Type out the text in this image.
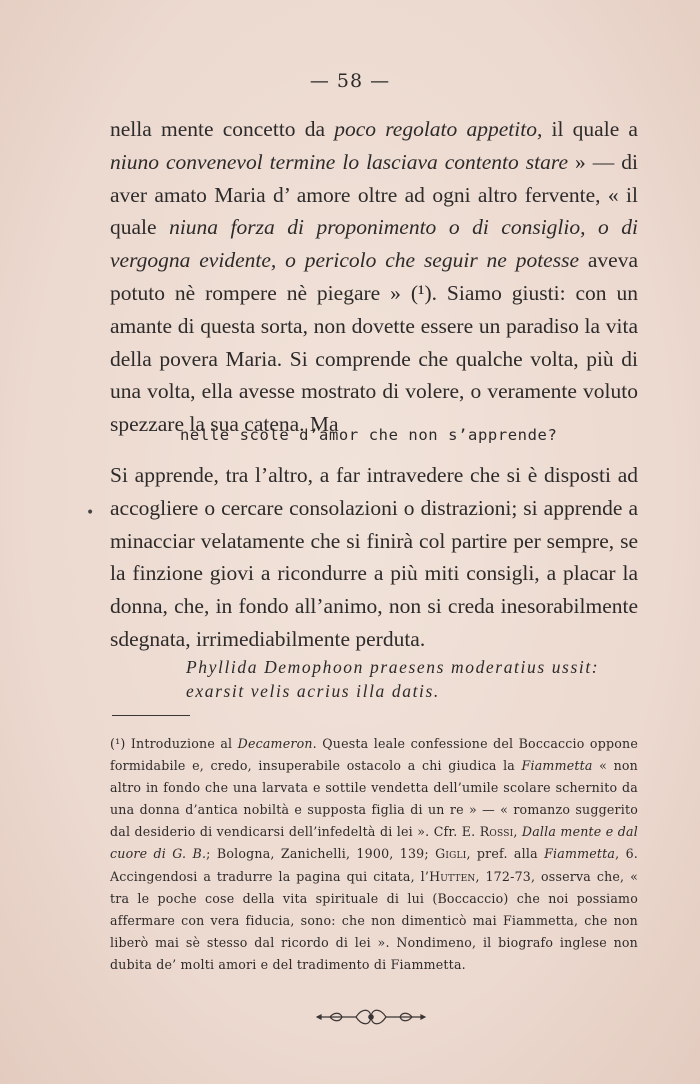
— 58 —

nella mente concetto da poco regolato appetito, il quale a niuno convenevol termine lo lasciava contento stare » — di aver amato Maria d’ amore oltre ad ogni altro fervente, « il quale niuna forza di proponimento o di consiglio, o di vergogna evidente, o pericolo che seguir ne potesse aveva potuto nè rompere nè piegare » (¹). Siamo giusti: con un amante di questa sorta, non dovette essere un paradiso la vita della povera Maria. Si comprende che qualche volta, più di una volta, ella avesse mostrato di volere, o veramente voluto spezzare la sua catena. Ma

nelle scole d’amor che non s’apprende?

Si apprende, tra l’altro, a far intravedere che si è disposti ad accogliere o cercare consolazioni o distrazioni; si apprende a minacciar velatamente che si finirà col partire per sempre, se la finzione giovi a ricondurre a più miti consigli, a placar la donna, che, in fondo all’animo, non si creda inesorabilmente sdegnata, irrimediabilmente perduta.

Phyllida Demophoon praesens moderatius ussit:
exarsit velis acrius illa datis.
(¹) Introduzione al Decameron. Questa leale confessione del Boccaccio oppone formidabile e, credo, insuperabile ostacolo a chi giudica la Fiammetta « non altro in fondo che una larvata e sottile vendetta dell’umile scolare schernito da una donna d’antica nobiltà e supposta figlia di un re » — « romanzo suggerito dal desiderio di vendicarsi dell’infedeltà di lei ». Cfr. E. Rossi, Dalla mente e dal cuore di G. B.; Bologna, Zanichelli, 1900, 139; Gigli, pref. alla Fiammetta, 6. Accingendosi a tradurre la pagina qui citata, l’Hutten, 172-73, osserva che, « tra le poche cose della vita spirituale di lui (Boccaccio) che noi possiamo affermare con vera fiducia, sono: che non dimenticò mai Fiammetta, che non liberò mai sè stesso dal ricordo di lei ». Nondimeno, il biografo inglese non dubita de’ molti amori e del tradimento di Fiammetta.
•
